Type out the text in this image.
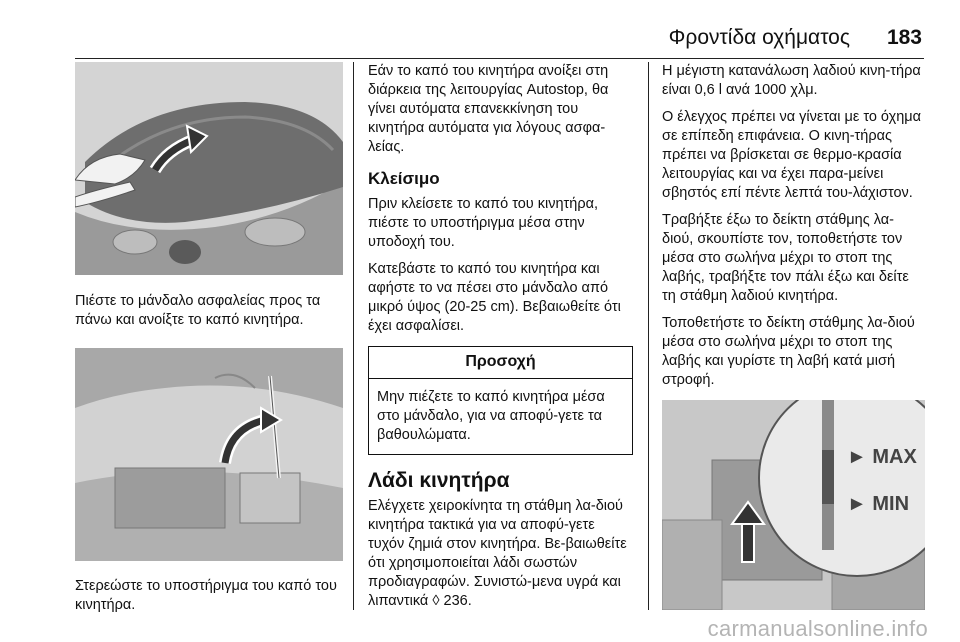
Φροντίδα οχήματος 183
Πιέστε το μάνδαλο ασφαλείας προς τα πάνω και ανοίξτε το καπό κινητήρα.
Στερεώστε το υποστήριγμα του καπό του κινητήρα.

Εάν το καπό του κινητήρα ανοίξει στη διάρκεια της λειτουργίας Autostop, θα γίνει αυτόματα επανεκκίνηση του κινητήρα αυτόματα για λόγους ασφα-λείας.

Κλείσιμο

Πριν κλείσετε το καπό του κινητήρα, πιέστε το υποστήριγμα μέσα στην υποδοχή του.

Κατεβάστε το καπό του κινητήρα και αφήστε το να πέσει στο μάνδαλο από μικρό ύψος (20-25 cm). Βεβαιωθείτε ότι έχει ασφαλίσει.

Προσοχή
Μην πιέζετε το καπό κινητήρα μέσα στο μάνδαλο, για να αποφύ-γετε τα βαθουλώματα.
Λάδι κινητήρα

Ελέγχετε χειροκίνητα τη στάθμη λα-διού κινητήρα τακτικά για να αποφύ-γετε τυχόν ζημιά στον κινητήρα. Βε-βαιωθείτε ότι χρησιμοποιείται λάδι σωστών προδιαγραφών. Συνιστώ-μενα υγρά και λιπαντικά ◊ 236.

Η μέγιστη κατανάλωση λαδιού κινη-τήρα είναι 0,6 l ανά 1000 χλμ.

Ο έλεγχος πρέπει να γίνεται με το όχημα σε επίπεδη επιφάνεια. Ο κινη-τήρας πρέπει να βρίσκεται σε θερμο-κρασία λειτουργίας και να έχει παρα-μείνει σβηστός επί πέντε λεπτά του-λάχιστον.

Τραβήξτε έξω το δείκτη στάθμης λα-διού, σκουπίστε τον, τοποθετήστε τον μέσα στο σωλήνα μέχρι το στοπ της λαβής, τραβήξτε τον πάλι έξω και δείτε τη στάθμη λαδιού κινητήρα.

Τοποθετήστε το δείκτη στάθμης λα-διού μέσα στο σωλήνα μέχρι το στοπ της λαβής και γυρίστε τη λαβή κατά μισή στροφή.

► MAX
► MIN
carmanualsonline.info
